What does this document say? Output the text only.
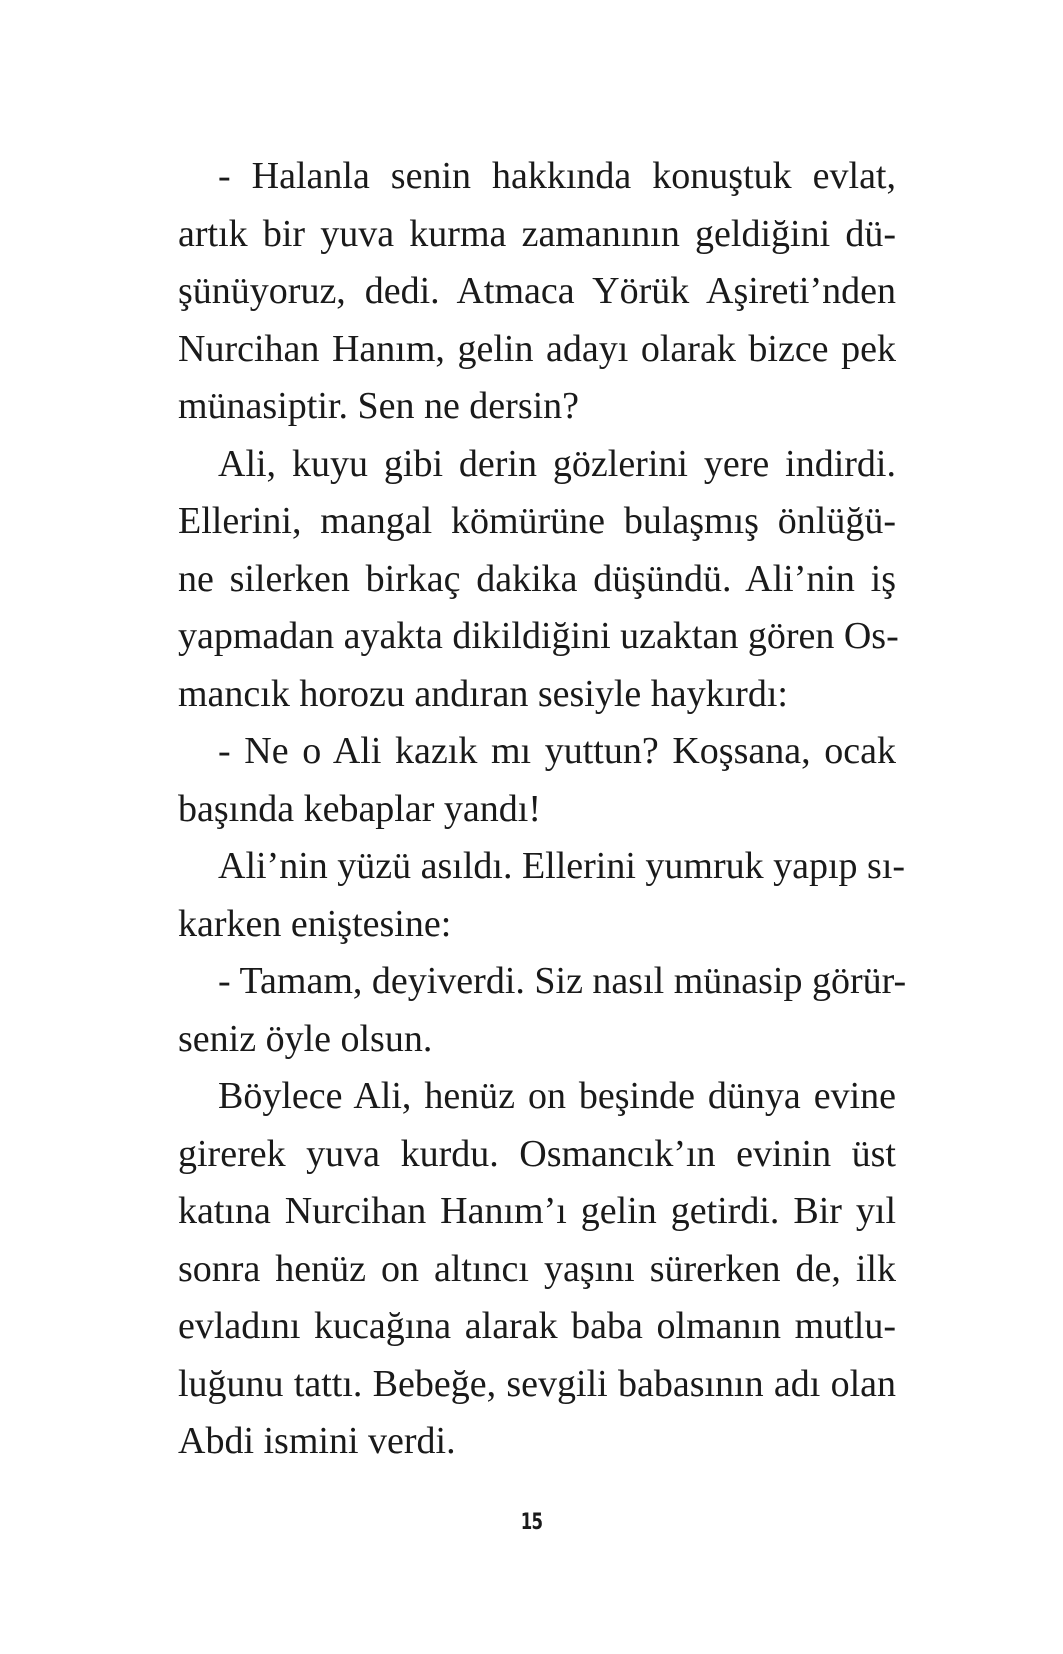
- Halanla senin hakkında konuştuk evlat,
artık bir yuva kurma zamanının geldiğini dü-
şünüyoruz, dedi. Atmaca Yörük Aşireti’nden
Nurcihan Hanım, gelin adayı olarak bizce pek
münasiptir. Sen ne dersin?
Ali, kuyu gibi derin gözlerini yere indirdi.
Ellerini, mangal kömürüne bulaşmış önlüğü-
ne silerken birkaç dakika düşündü. Ali’nin iş
yapmadan ayakta dikildiğini uzaktan gören Os-
mancık horozu andıran sesiyle haykırdı:
- Ne o Ali kazık mı yuttun? Koşsana, ocak
başında kebaplar yandı!
Ali’nin yüzü asıldı. Ellerini yumruk yapıp sı-
karken eniştesine:
- Tamam, deyiverdi. Siz nasıl münasip görür-
seniz öyle olsun.
Böylece Ali, henüz on beşinde dünya evine
girerek yuva kurdu. Osmancık’ın evinin üst
katına Nurcihan Hanım’ı gelin getirdi. Bir yıl
sonra henüz on altıncı yaşını sürerken de, ilk
evladını kucağına alarak baba olmanın mutlu-
luğunu tattı. Bebeğe, sevgili babasının adı olan
Abdi ismini verdi.
15
